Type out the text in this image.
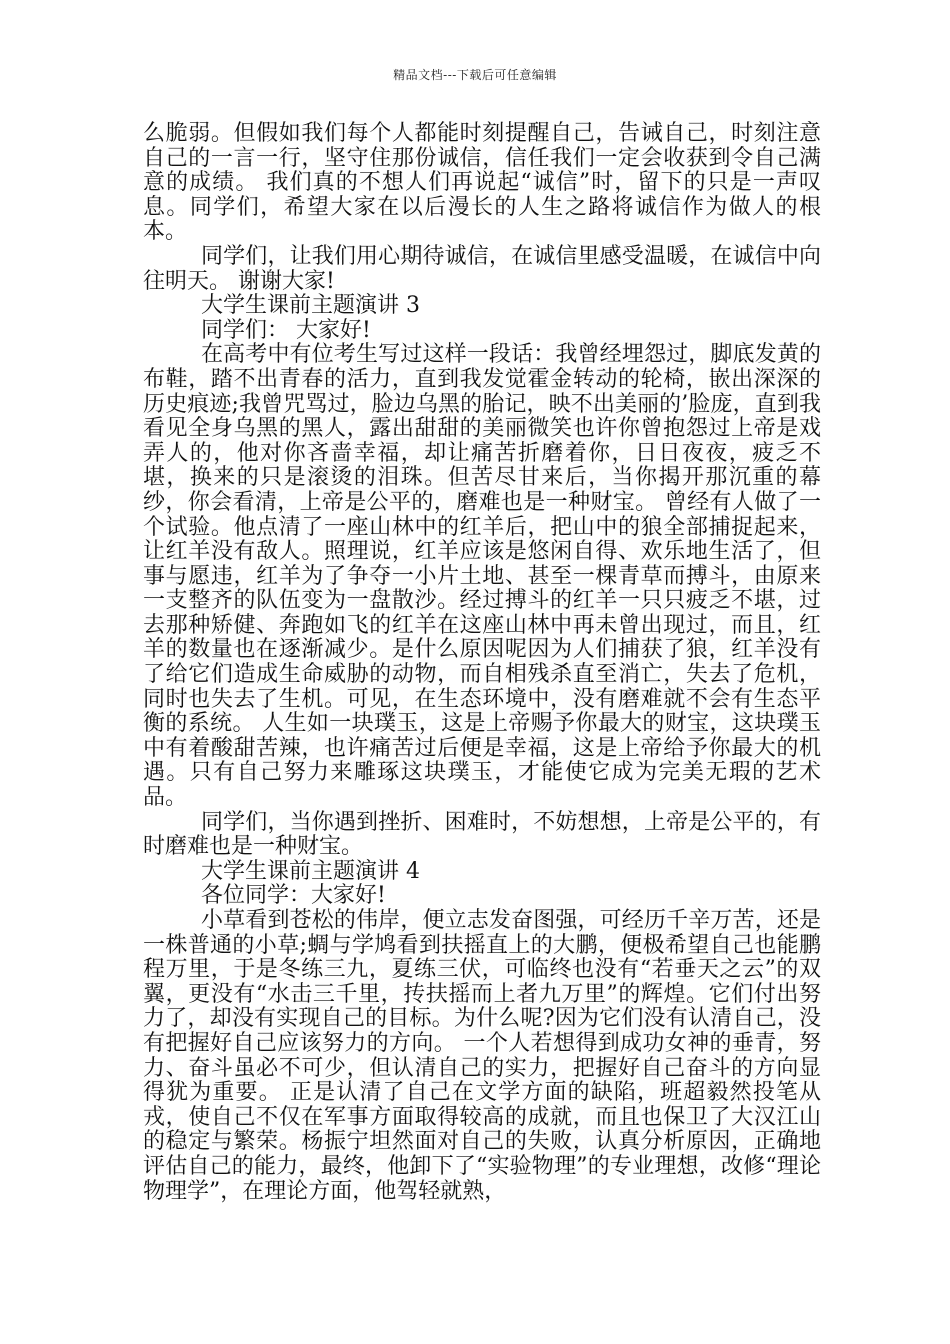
精品文档---下载后可任意编辑

么脆弱。但假如我们每个人都能时刻提醒自己，告诫自己，时刻注意自己的一言一行，坚守住那份诚信，信任我们一定会收获到令自己满意的成绩。 我们真的不想人们再说起“诚信”时，留下的只是一声叹息。同学们，希望大家在以后漫长的人生之路将诚信作为做人的根本。

同学们，让我们用心期待诚信，在诚信里感受温暖，在诚信中向往明天。 谢谢大家!

大学生课前主题演讲 3

同学们： 大家好!

在高考中有位考生写过这样一段话：我曾经埋怨过，脚底发黄的布鞋，踏不出青春的活力，直到我发觉霍金转动的轮椅，嵌出深深的历史痕迹;我曾咒骂过，脸边乌黑的胎记，映不出美丽的’脸庞，直到我看见全身乌黑的黑人，露出甜甜的美丽微笑也许你曾抱怨过上帝是戏弄人的，他对你吝啬幸福，却让痛苦折磨着你，日日夜夜，疲乏不堪，换来的只是滚烫的泪珠。但苦尽甘来后，当你揭开那沉重的幕纱，你会看清，上帝是公平的，磨难也是一种财宝。 曾经有人做了一个试验。他点清了一座山林中的红羊后，把山中的狼全部捕捉起来，让红羊没有敌人。照理说，红羊应该是悠闲自得、欢乐地生活了，但事与愿违，红羊为了争夺一小片土地、甚至一棵青草而搏斗，由原来一支整齐的队伍变为一盘散沙。经过搏斗的红羊一只只疲乏不堪，过去那种矫健、奔跑如飞的红羊在这座山林中再未曾出现过，而且，红羊的数量也在逐渐减少。是什么原因呢因为人们捕获了狼，红羊没有了给它们造成生命威胁的动物，而自相残杀直至消亡，失去了危机，同时也失去了生机。可见，在生态环境中，没有磨难就不会有生态平衡的系统。 人生如一块璞玉，这是上帝赐予你最大的财宝，这块璞玉中有着酸甜苦辣，也许痛苦过后便是幸福，这是上帝给予你最大的机遇。只有自己努力来雕琢这块璞玉，才能使它成为完美无瑕的艺术品。

同学们，当你遇到挫折、困难时，不妨想想，上帝是公平的，有时磨难也是一种财宝。

大学生课前主题演讲 4

各位同学：大家好!

小草看到苍松的伟岸，便立志发奋图强，可经历千辛万苦，还是一株普通的小草;蜩与学鸠看到扶摇直上的大鹏，便极希望自己也能鹏程万里，于是冬练三九，夏练三伏，可临终也没有“若垂天之云”的双翼，更没有“水击三千里，抟扶摇而上者九万里”的辉煌。它们付出努力了，却没有实现自己的目标。为什么呢?因为它们没有认清自己，没有把握好自己应该努力的方向。 一个人若想得到成功女神的垂青，努力、奋斗虽必不可少，但认清自己的实力，把握好自己奋斗的方向显得犹为重要。 正是认清了自己在文学方面的缺陷，班超毅然投笔从戎，使自己不仅在军事方面取得较高的成就，而且也保卫了大汉江山的稳定与繁荣。杨振宁坦然面对自己的失败，认真分析原因，正确地评估自己的能力，最终，他卸下了“实验物理”的专业理想，改修“理论物理学”，在理论方面，他驾轻就熟，
